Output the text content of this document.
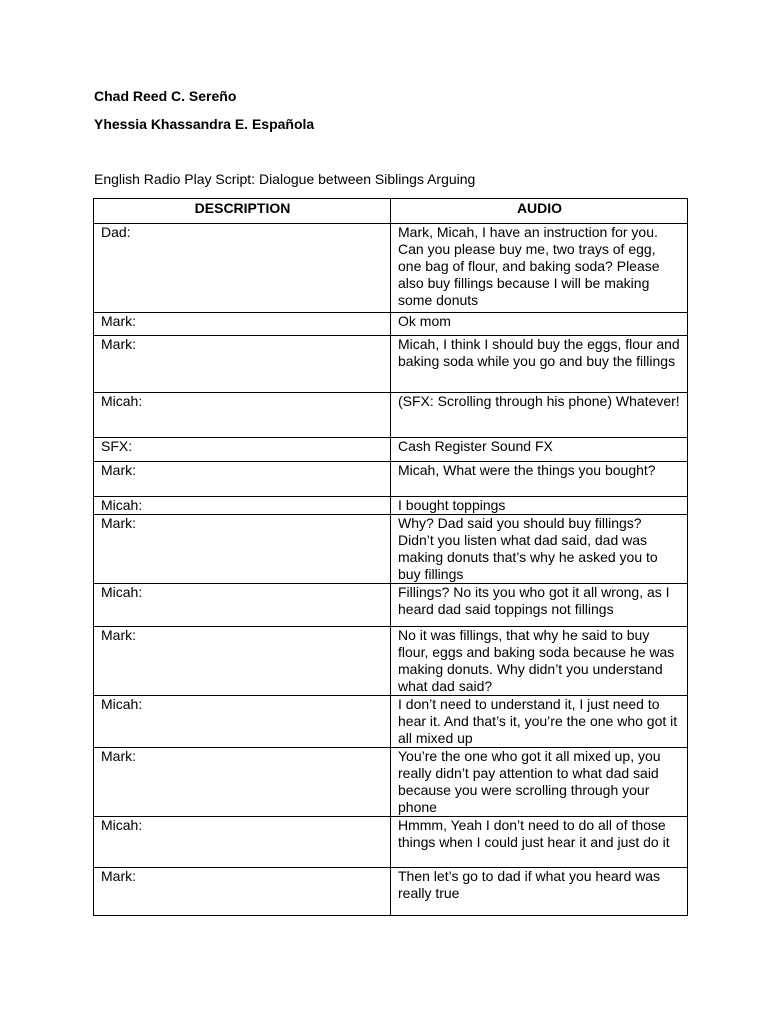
Chad Reed C. Sereño
Yhessia Khassandra E. Española
English Radio Play Script: Dialogue between Siblings Arguing
DESCRIPTION	AUDIO
Dad:	Mark, Micah, I have an instruction for you. Can you please buy me, two trays of egg, one bag of flour, and baking soda? Please also buy fillings because I will be making some donuts
Mark:	Ok mom
Mark:	Micah, I think I should buy the eggs, flour and baking soda while you go and buy the fillings
Micah:	(SFX: Scrolling through his phone) Whatever!
SFX:	Cash Register Sound FX
Mark:	Micah, What were the things you bought?
Micah:	I bought toppings
Mark:	Why? Dad said you should buy fillings? Didn’t you listen what dad said, dad was making donuts that’s why he asked you to buy fillings
Micah:	Fillings? No its you who got it all wrong, as I heard dad said toppings not fillings
Mark:	No it was fillings, that why he said to buy flour, eggs and baking soda because he was making donuts. Why didn’t you understand what dad said?
Micah:	I don’t need to understand it, I just need to hear it. And that’s it, you’re the one who got it all mixed up
Mark:	You’re the one who got it all mixed up, you really didn’t pay attention to what dad said because you were scrolling through your phone
Micah:	Hmmm, Yeah I don’t need to do all of those things when I could just hear it and just do it
Mark:	Then let’s go to dad if what you heard was really true
